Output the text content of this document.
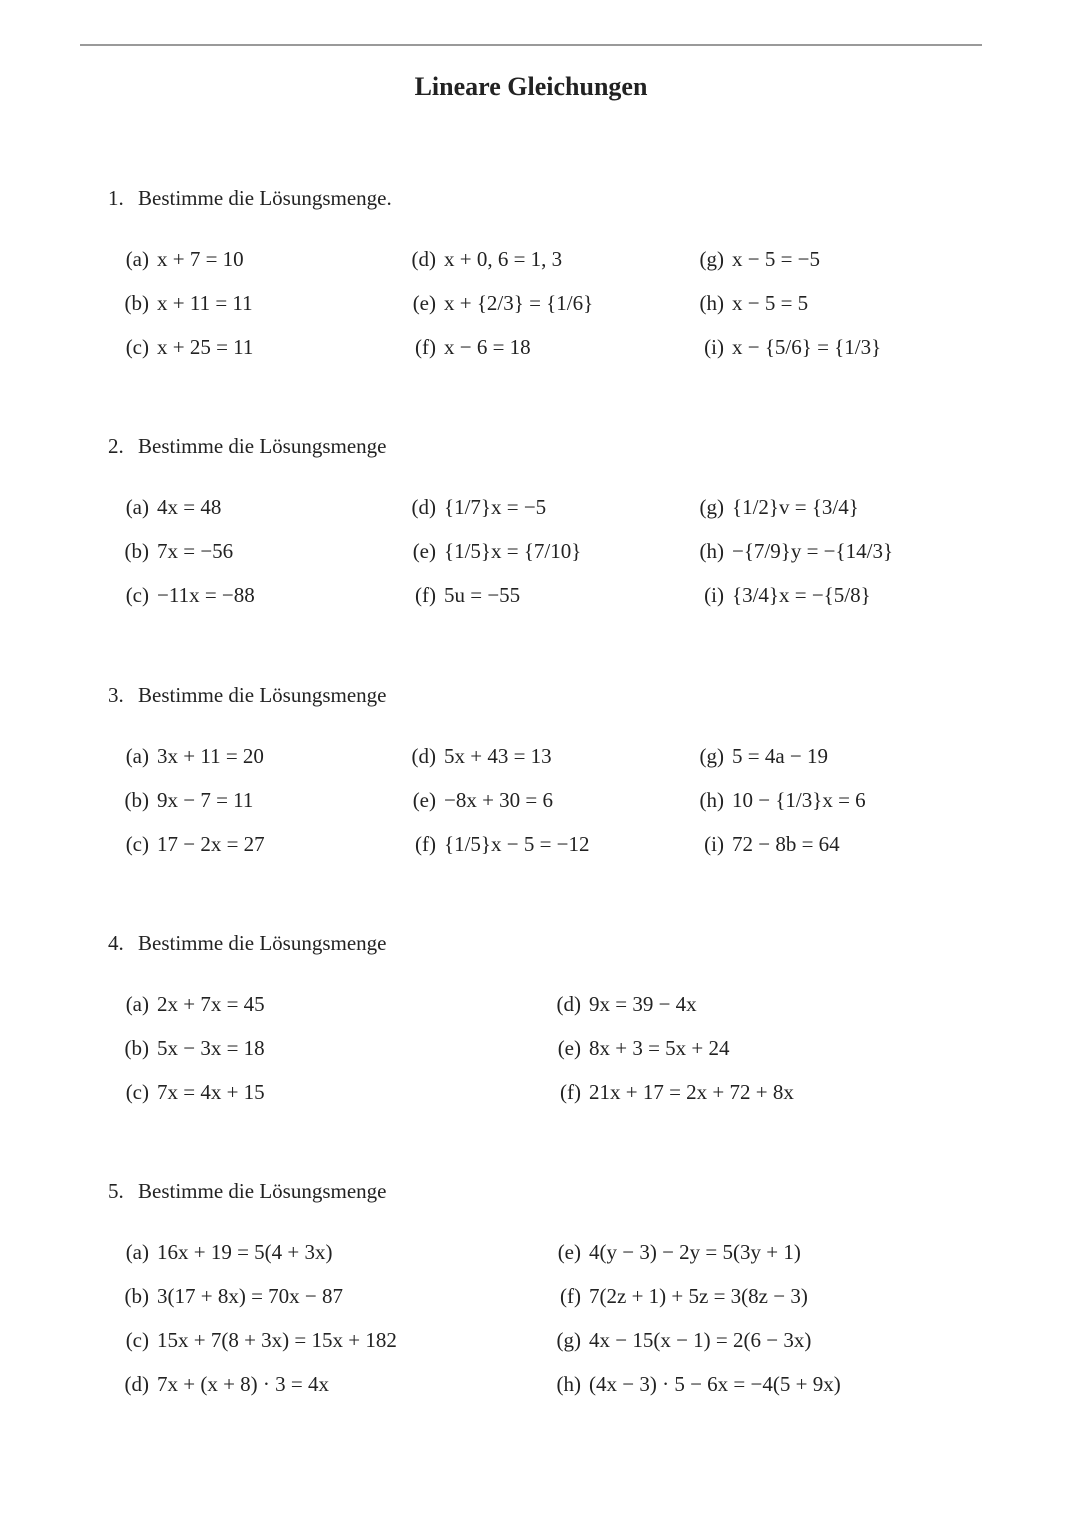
Lineare Gleichungen
1. Bestimme die Lösungsmenge.
(a) x + 7 = 10
(b) x + 11 = 11
(c) x + 25 = 11
(d) x + 0, 6 = 1, 3
(e) x + {2/3} = {1/6}
(f) x − 6 = 18
(g) x − 5 = −5
(h) x − 5 = 5
(i) x − {5/6} = {1/3}
2. Bestimme die Lösungsmenge
(a) 4x = 48
(b) 7x = −56
(c) −11x = −88
(d) {1/7}x = −5
(e) {1/5}x = {7/10}
(f) 5u = −55
(g) {1/2}v = {3/4}
(h) −{7/9}y = −{14/3}
(i) {3/4}x = −{5/8}
3. Bestimme die Lösungsmenge
(a) 3x + 11 = 20
(b) 9x − 7 = 11
(c) 17 − 2x = 27
(d) 5x + 43 = 13
(e) −8x + 30 = 6
(f) {1/5}x − 5 = −12
(g) 5 = 4a − 19
(h) 10 − {1/3}x = 6
(i) 72 − 8b = 64
4. Bestimme die Lösungsmenge
(a) 2x + 7x = 45
(b) 5x − 3x = 18
(c) 7x = 4x + 15
(d) 9x = 39 − 4x
(e) 8x + 3 = 5x + 24
(f) 21x + 17 = 2x + 72 + 8x
5. Bestimme die Lösungsmenge
(a) 16x + 19 = 5(4 + 3x)
(b) 3(17 + 8x) = 70x − 87
(c) 15x + 7(8 + 3x) = 15x + 182
(d) 7x + (x + 8) · 3 = 4x
(e) 4(y − 3) − 2y = 5(3y + 1)
(f) 7(2z + 1) + 5z = 3(8z − 3)
(g) 4x − 15(x − 1) = 2(6 − 3x)
(h) (4x − 3) · 5 − 6x = −4(5 + 9x)
